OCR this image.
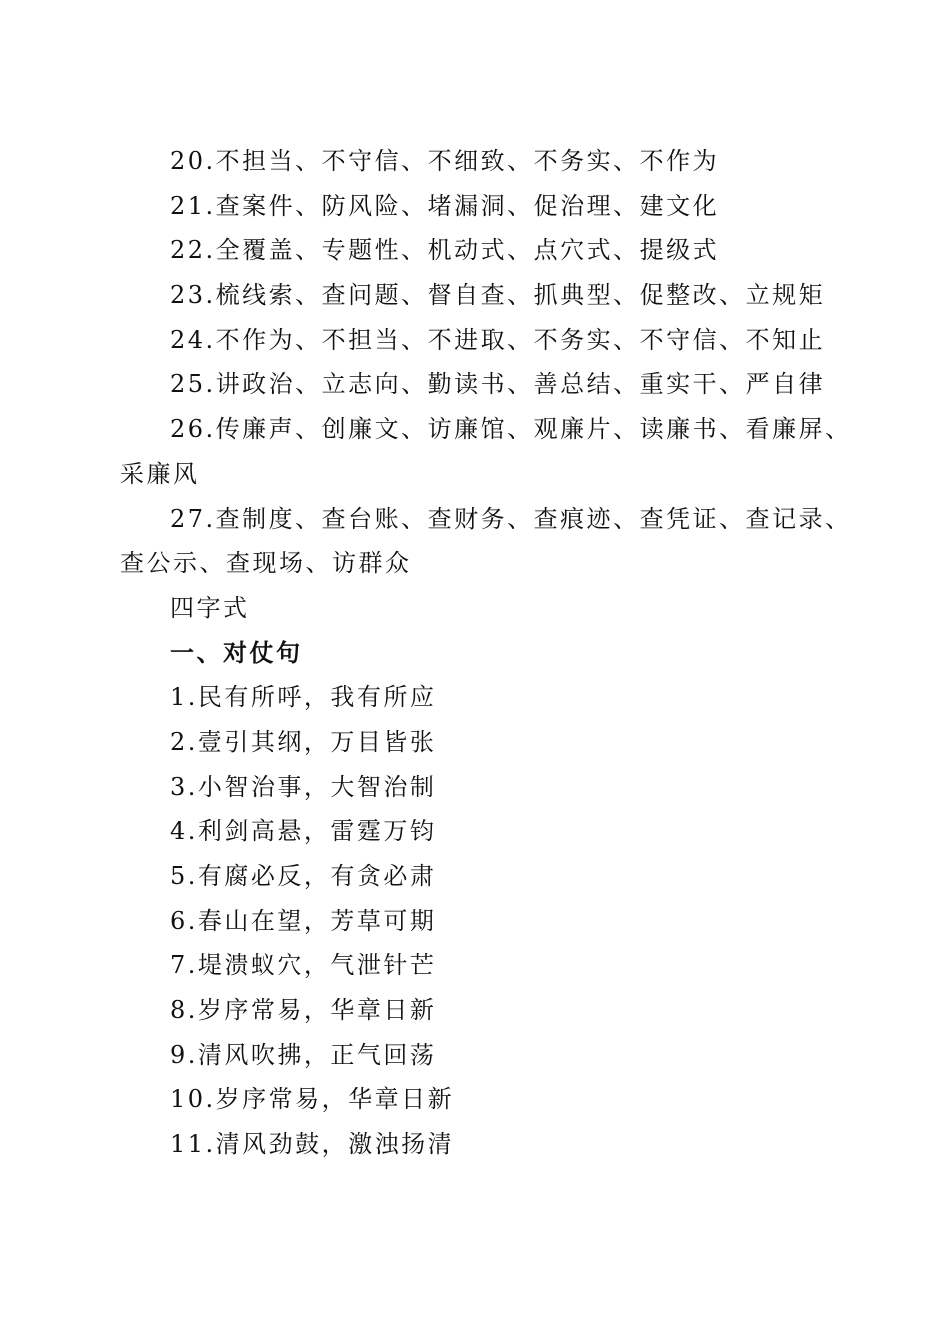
20.不担当、不守信、不细致、不务实、不作为
21.查案件、防风险、堵漏洞、促治理、建文化
22.全覆盖、专题性、机动式、点穴式、提级式
23.梳线索、查问题、督自查、抓典型、促整改、立规矩
24.不作为、不担当、不进取、不务实、不守信、不知止
25.讲政治、立志向、勤读书、善总结、重实干、严自律
26.传廉声、创廉文、访廉馆、观廉片、读廉书、看廉屏、
采廉风
27.查制度、查台账、查财务、查痕迹、查凭证、查记录、
查公示、查现场、访群众
四字式
一、对仗句
1.民有所呼，我有所应
2.壹引其纲，万目皆张
3.小智治事，大智治制
4.利剑高悬，雷霆万钧
5.有腐必反，有贪必肃
6.春山在望，芳草可期
7.堤溃蚁穴，气泄针芒
8.岁序常易，华章日新
9.清风吹拂，正气回荡
10.岁序常易，华章日新
11.清风劲鼓，激浊扬清
